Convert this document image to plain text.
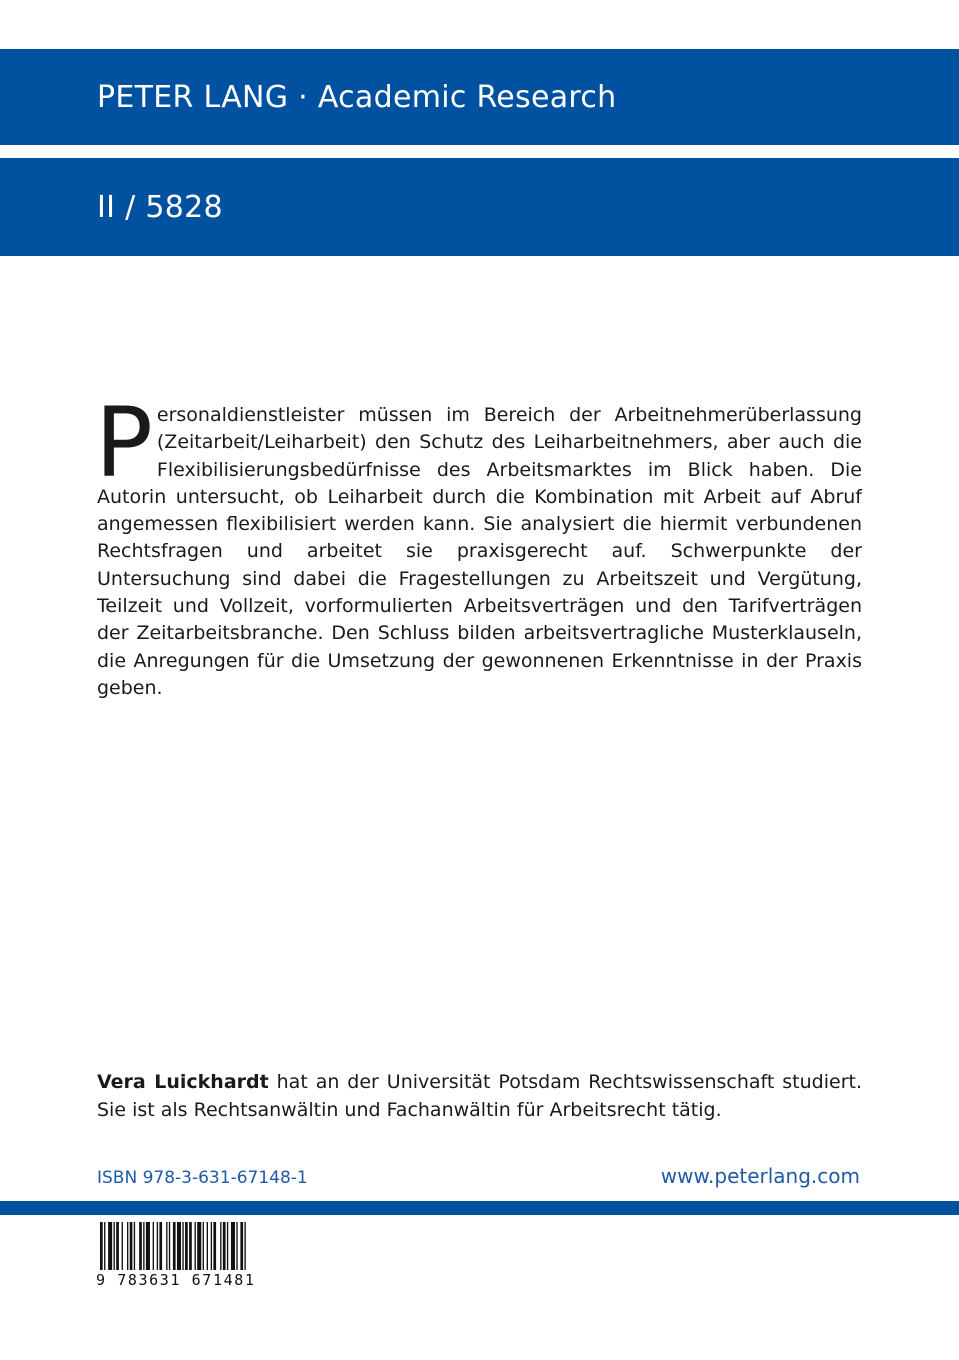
PETER LANG · Academic Research
II / 5828

Personaldienstleister müssen im Bereich der Arbeitnehmerüberlassung (Zeitarbeit/Leiharbeit) den Schutz des Leiharbeitnehmers, aber auch die Flexibilisierungsbedürfnisse des Arbeitsmarktes im Blick haben. Die Autorin untersucht, ob Leiharbeit durch die Kombination mit Arbeit auf Abruf angemessen flexibilisiert werden kann. Sie analysiert die hiermit verbundenen Rechtsfragen und arbeitet sie praxisgerecht auf. Schwerpunkte der Untersuchung sind dabei die Fragestellungen zu Arbeitszeit und Vergütung, Teilzeit und Vollzeit, vorformulierten Arbeitsverträgen und den Tarifverträgen der Zeitarbeitsbranche. Den Schluss bilden arbeitsvertragliche Musterklauseln, die Anregungen für die Umsetzung der gewonnenen Erkenntnisse in der Praxis geben.

Vera Luickhardt hat an der Universität Potsdam Rechtswissenschaft studiert. Sie ist als Rechtsanwältin und Fachanwältin für Arbeitsrecht tätig.

ISBN 978-3-631-67148-1	www.peterlang.com
9 783631 671481
